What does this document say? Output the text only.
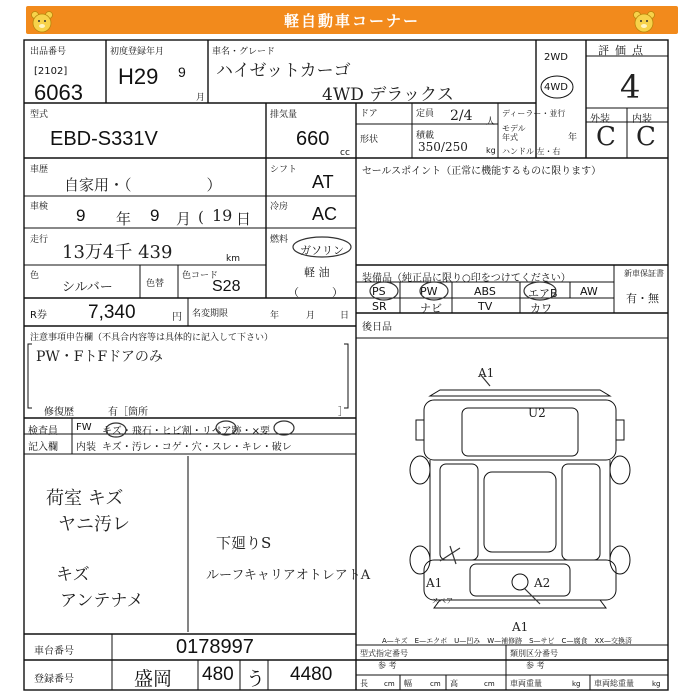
軽自動車コーナー
出品番号
[2102]
6063
初度登録年月
H29 9
月
車名・グレード
ハイゼットカーゴ
4WD デラックス
2WD
4WD
評価点
4
外装 内装
C C
型式
EBD-S331V
排気量
660
cc
ドア	定員 2/4 人
形状	積載
350/250 kg
ディーラー・並行
モデル年式	年
ハンドル 左・右
車歴
自家用・（　　　　　）
シフト
AT
車検 9 年 9 月 ( 19 日
冷房 AC
走行
13万4千 439	km
燃料
ガソリン
軽 油
（　　　）
色
シルバー	色替
色コード
S28
R券 7,340	円 名変期限	年	月	日
注意事項申告欄（不具合内容等は具体的に記入して下さい）
PW・FトFドアのみ
修復歴	有［箇所	］
検査員
記入欄
FW キズ・飛石・ヒビ割・リペア跡・×要
内装 キズ・汚レ・コゲ・穴・スレ・キレ・破レ
荷室 キズ
ヤニ汚レ
キズ
アンテナメ
下廻りS
ルーフキャリアオトレアトA
セールスポイント（正常に機能するものに限ります）
装備品（純正品に限り○印をつけてください）	新車保証書
有・無
PS	PW	ABS	エアB AW
SR	ナビ	TV	カワ
後日品
A1
U2
A1	A2
A1
スペア
A—キズ　E—エクボ　U—凹み　W—補修跡　S—サビ　C—腐食　XX—交換済
車台番号	0178997
登録番号	盛岡 480 う 4480
型式指定番号
参 考
類別区分番号
参 考
長 cm 幅	cm 高	cm 車両重量	kg 車両総重量	kg
